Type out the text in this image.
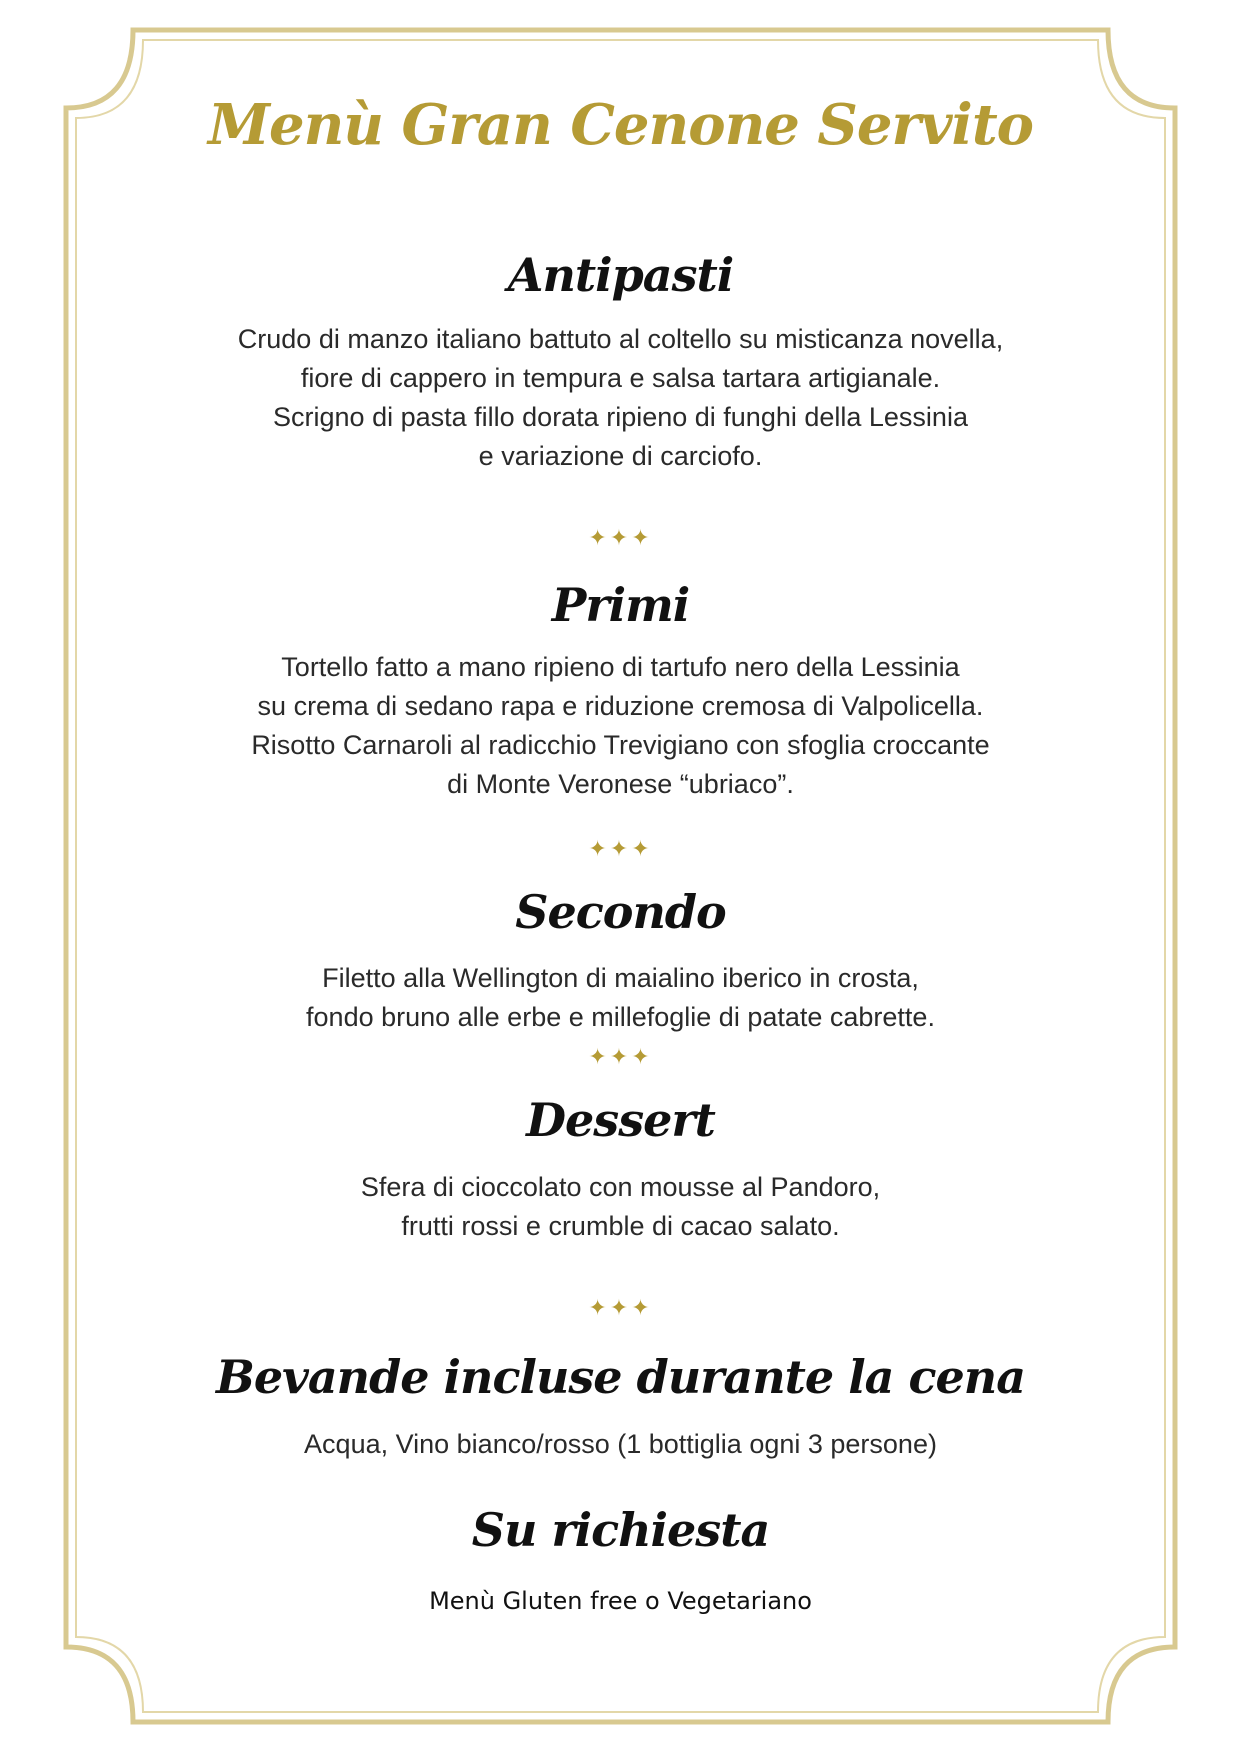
Menù Gran Cenone Servito
Antipasti
Crudo di manzo italiano battuto al coltello su misticanza novella,
fiore di cappero in tempura e salsa tartara artigianale.
Scrigno di pasta fillo dorata ripieno di funghi della Lessinia
e variazione di carciofo.
✦✦✦
Primi
Tortello fatto a mano ripieno di tartufo nero della Lessinia
su crema di sedano rapa e riduzione cremosa di Valpolicella.
Risotto Carnaroli al radicchio Trevigiano con sfoglia croccante
di Monte Veronese “ubriaco”.
✦✦✦
Secondo
Filetto alla Wellington di maialino iberico in crosta,
fondo bruno alle erbe e millefoglie di patate cabrette.
✦✦✦
Dessert
Sfera di cioccolato con mousse al Pandoro,
frutti rossi e crumble di cacao salato.
✦✦✦
Bevande incluse durante la cena
Acqua, Vino bianco/rosso (1 bottiglia ogni 3 persone)
Su richiesta
Menù Gluten free o Vegetariano
